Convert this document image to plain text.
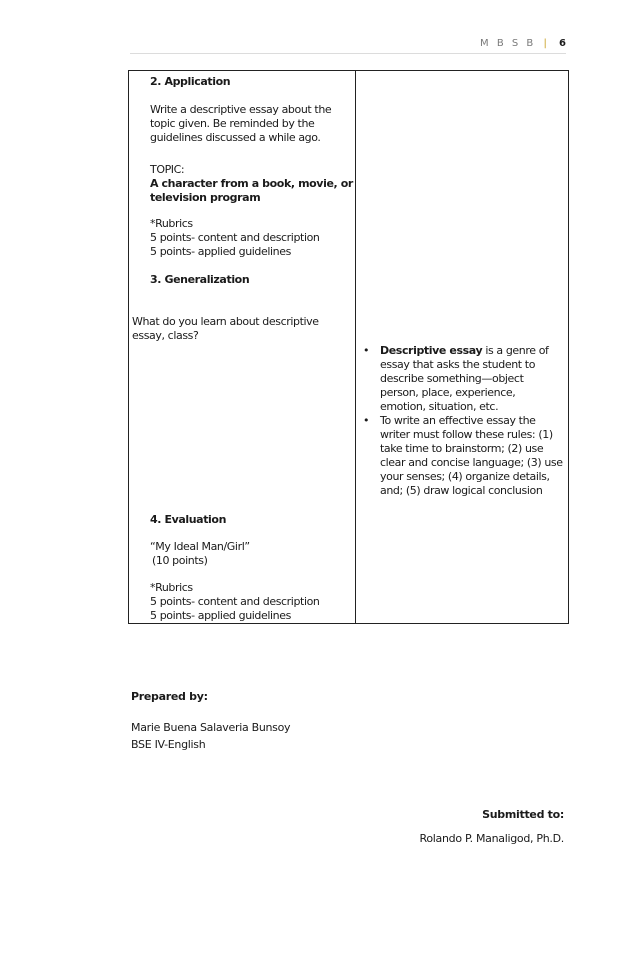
M B S B | 6
2. Application
Write a descriptive essay about the topic given. Be reminded by the guidelines discussed a while ago.
TOPIC:
A character from a book, movie, or television program
*Rubrics
5 points- content and description
5 points- applied guidelines
3. Generalization
What do you learn about descriptive essay, class?
4. Evaluation
“My Ideal Man/Girl”
(10 points)
*Rubrics
5 points- content and description
5 points- applied guidelines
• Descriptive essay is a genre of essay that asks the student to describe something—object person, place, experience, emotion, situation, etc.
• To write an effective essay the writer must follow these rules: (1) take time to brainstorm; (2) use clear and concise language; (3) use your senses; (4) organize details, and; (5) draw logical conclusion
Prepared by:
Marie Buena Salaveria Bunsoy
BSE IV-English
Submitted to:
Rolando P. Manaligod, Ph.D.
